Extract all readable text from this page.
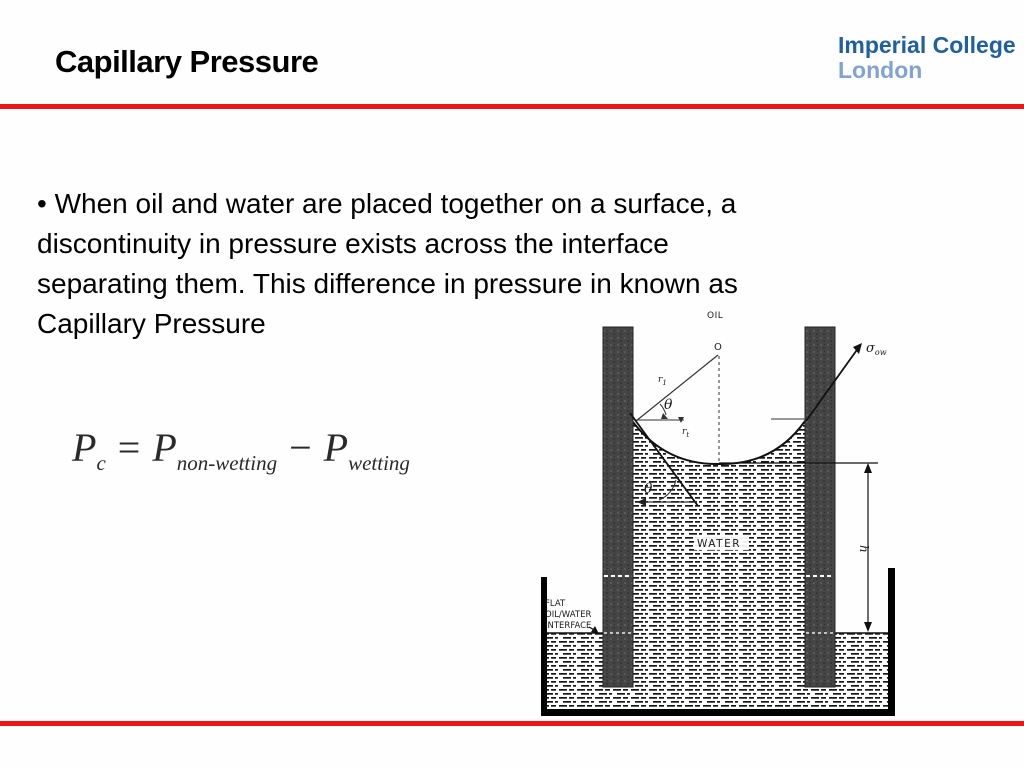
Capillary Pressure	Imperial College
London
• When oil and water are placed together on a surface, a
discontinuity in pressure exists across the interface
separating them. This difference in pressure in known as
Capillary Pressure
$P_c = P_{non-wetting} - P_{wetting}$
OIL
O
$r_1$
θ
$r_t$
θ
$\sigma_{ow}$
WATER
FLAT
OIL/WATER
INTERFACE
h
